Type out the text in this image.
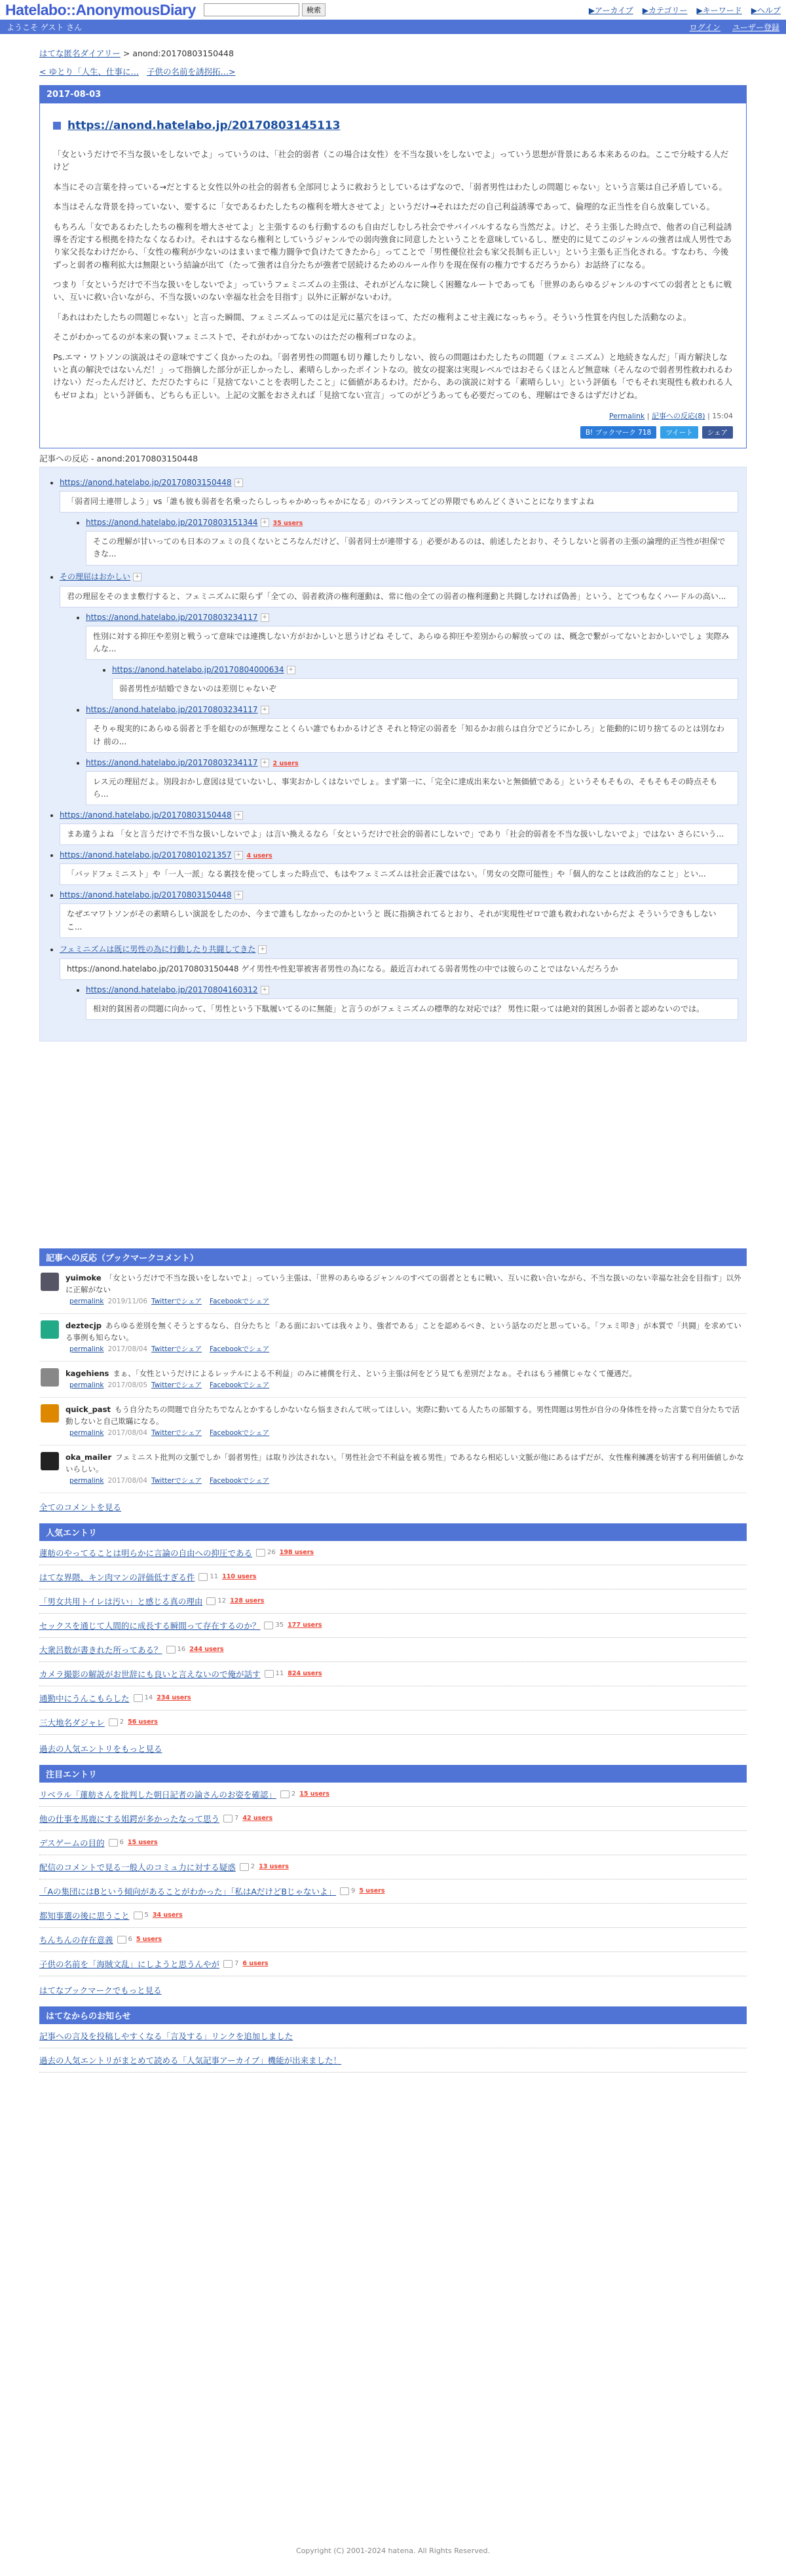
Hatelabo::AnonymousDiary	検索	▶アーカイブ ▶カテゴリー ▶キーワード ▶ヘルプ
ようこそ ゲスト さん	ログイン ユーザー登録
はてな匿名ダイアリー > anond:20170803150448
< ゆとり「人生、仕事に… 子供の名前を誘拐拓…>
2017-08-03
https://anond.hatelabo.jp/20170803145113

「女というだけで不当な扱いをしないでよ」っていうのは、「社会的弱者（この場合は女性）を不当な扱いをしないでよ」っていう思想が背景にある本来あるのね。ここで分岐する人だけど

本当にその言葉を持っている→だとすると女性以外の社会的弱者も全部同じように救おうとしているはずなので、「弱者男性はわたしの問題じゃない」という言葉は自己矛盾している。

本当はそんな背景を持っていない、要するに「女であるわたしたちの権利を増大させてよ」というだけ→それはただの自己利益誘導であって、倫理的な正当性を自ら放棄している。

もちろん「女であるわたしたちの権利を増大させてよ」と主張するのも行動するのも自由だしむしろ社会でサバイバルするなら当然だよ。けど、そう主張した時点で、他者の自己利益誘導を否定する根拠を持たなくなるわけ。それはするなら権利としていうジャンルでの弱肉強食に同意したということを意味しているし、歴史的に見てこのジャンルの強者は成人男性であり家父長なわけだから、「女性の権利が少ないのはまいまで権力闘争で負けたてきたから」ってことで「男性優位社会も家父長制も正しい」という主張も正当化される。すなわち、今後ずっと弱者の権利拡大は無限という結論が出て（たって強者は自分たちが強者で居続けるためのルール作りを現在保有の権力でするだろうから）お話終了になる。

つまり「女というだけで不当な扱いをしないでよ」っていうフェミニズムの主張は、それがどんなに険しく困難なルートであっても「世界のあらゆるジャンルのすべての弱者とともに戦い、互いに救い合いながら、不当な扱いのない幸福な社会を目指す」以外に正解がないわけ。

「あれはわたしたちの問題じゃない」と言った瞬間、フェミニズムってのは足元に墓穴をほって、ただの権利よこせ主義になっちゃう。そういう性質を内包した活動なのよ。

そこがわかってるのが本来の賢いフェミニストで、それがわかってないのはただの権利ゴロなのよ。

Ps.エマ・ワトソンの演説はその意味ですごく良かったのね。「弱者男性の問題も切り離したりしない、彼らの問題はわたしたちの問題（フェミニズム）と地続きなんだ」「両方解決しないと真の解決ではないんだ！」って指摘した部分が正しかったし、素晴らしかったポイントなの。彼女の提案は実現レベルではおそらくほとんど無意味（そんなので弱者男性救われるわけない）だったんだけど、ただひたすらに「見捨てないことを表明したこと」に価値があるわけ。だから、あの演説に対する「素晴らしい」という評価も「でもそれ実現性も救われる人もゼロよね」という評価も、どちらも正しい。上記の文脈をおさえれば「見捨てない宣言」ってのがどうあっても必要だってのも、理解はできるはずだけどね。

Permalink | 記事への反応(8) | 15:04
B! ブックマーク 718	ツイート	シェア
記事への反応 - anond:20170803150448
• https://anond.hatelabo.jp/20170803150448 +
「弱者同士連帯しよう」vs「誰も彼も弱者を名乗ったらしっちゃかめっちゃかになる」のバランスってどの界隈でもめんどくさいことになりますよね
• https://anond.hatelabo.jp/20170803151344 + 35 users
そこの理解が甘いってのも日本のフェミの良くないところなんだけど、「弱者同士が連帯する」必要があるのは、前述したとおり、そうしないと弱者の主張の論理的正当性が担保できな...
• その理屈はおかしい +
君の理屈をそのまま敷行すると、フェミニズムに限らず「全ての、弱者救済の権利運動は、常に他の全ての弱者の権利運動と共闘しなければ偽善」という、とてつもなくハードルの高い...
• https://anond.hatelabo.jp/20170803234117 +
性別に対する抑圧や差別と戦うって意味では連携しない方がおかしいと思うけどね そして、あらゆる抑圧や差別からの解放っての は、概念で繋がってないとおかしいでしょ 実際みんな...
• https://anond.hatelabo.jp/20170804000634 +
弱者男性が結婚できないのは差別じゃないぞ
• https://anond.hatelabo.jp/20170803234117 +
そりゃ現実的にあらゆる弱者と手を組むのが無理なことくらい誰でもわかるけどさ それと特定の弱者を「知るかお前らは自分でどうにかしろ」と能動的に切り捨てるのとは別なわけ 前の...
• https://anond.hatelabo.jp/20170803234117 + 2 users
レス元の理屈だよ。別段おかし意図は見ていないし、事実おかしくはないでしょ。まず第一に、「完全に達成出来ないと無価値である」というそもそもの、そもそもその時点そもら...
• https://anond.hatelabo.jp/20170803150448 +
まあ違うよね 「女と言うだけで不当な扱いしないでよ」は言い換えるなら「女というだけで社会的弱者にしないで」であり「社会的弱者を不当な扱いしないでよ」ではない さらにいう...
• https://anond.hatelabo.jp/20170801021357 + 4 users
「バッドフェミニスト」や「一人一派」なる裏技を使ってしまった時点で、もはやフェミニズムは社会正義ではない。「男女の交際可能性」や「個人的なことは政治的なこと」とい...
• https://anond.hatelabo.jp/20170803150448 +
なぜエマワトソンがその素晴らしい演説をしたのか、今まで誰もしなかったのかというと 既に指摘されてるとおり、それが実現性ゼロで誰も救われないからだよ そういうできもしないこ...
• フェミニズムは既に男性の為に行動したり共闘してきた +
https://anond.hatelabo.jp/20170803150448 ゲイ男性や性犯罪被害者男性の為になる。最近言われてる弱者男性の中では彼らのことではないんだろうか
• https://anond.hatelabo.jp/20170804160312 +
相対的貧困者の問題に向かって、「男性という下駄履いてるのに無能」と言うのがフェミニズムの標準的な対応では？ 男性に限っては絶対的貧困しか弱者と認めないのでは。
記事への反応（ブックマークコメント）
yuimoke 「女というだけで不当な扱いをしないでよ」っていう主張は、「世界のあらゆるジャンルのすべての弱者とともに戦い、互いに救い合いながら、不当な扱いのない幸福な社会を目指す」以外に正解がない
permalink 2019/11/06 Twitterでシェア Facebookでシェア
deztecjp あらゆる差別を無くそうとするなら、自分たちと「ある面においては我々より、強者である」ことを認めるべき、という話なのだと思っている。「フェミ叩き」が本質で「共闘」を求めている事例も知らない。
permalink 2017/08/04 Twitterでシェア Facebookでシェア
kagehiens まぁ、「女性というだけによるレッテルによる不利益」のみに補償を行え、という主張は何をどう見ても差別だよなぁ。それはもう補償じゃなくて優遇だ。
permalink 2017/08/05 Twitterでシェア Facebookでシェア
quick_past もう自分たちの問題で自分たちでなんとかするしかないなら悩まされんて吠ってほしい。実際に動いてる人たちの部類する。男性問題は男性が自分の身体性を持った言葉で自分たちで活動しないと自己欺瞞になる。
permalink 2017/08/04 Twitterでシェア Facebookでシェア
oka_mailer フェミニスト批判の文脈でしか「弱者男性」は取り沙汰されない。「男性社会で不利益を被る男性」であるなら相応しい文脈が他にあるはずだが、女性権利擁護を妨害する利用価値しかないらしい。
permalink 2017/08/04 Twitterでシェア Facebookでシェア
全てのコメントを見る
人気エントリ
蓮舫のやってることは明らかに言論の自由への抑圧である 26 198 users
はてな界隈、キン肉マンの評価低すぎる件 11 110 users
「男女共用トイレは汚い」と感じる真の理由 12 128 users
セックスを通じて人間的に成長する瞬間って存在するのか？ 35 177 users
大衆呂数が書きれた所ってある？ 16 244 users
カメラ撮影の解説がお世辞にも良いと言えないので俺が話す 11 824 users
通勤中にうんこもらした 14 234 users
三大地名ダジャレ 2 56 users
過去の人気エントリをもっと見る
注目エントリ
リベラル「蓮舫さんを批判した朝日記者の論さんのお姿を確認」 2 15 users
他の仕事を馬鹿にする姐鍔が多かったなって思う 7 42 users
デスゲームの目的 6 15 users
配信のコメントで見る一般人のコミュ力に対する疑惑 2 13 users
「Aの集団にはBという傾向があることがわかった」「私はAだけどBじゃないよ」 9 5 users
都知事選の後に思うこと 5 34 users
ちんちんの存在意義 6 5 users
子供の名前を「海賊文乱」にしようと思うんやが 7 6 users
はてなブックマークでもっと見る
はてなからのお知らせ
記事への言及を投稿しやすくなる「言及する」リンクを追加しました
過去の人気エントリがまとめて読める「人気記事アーカイブ」機能が出来ました！
Copyright (C) 2001-2024 hatena. All Rights Reserved.
